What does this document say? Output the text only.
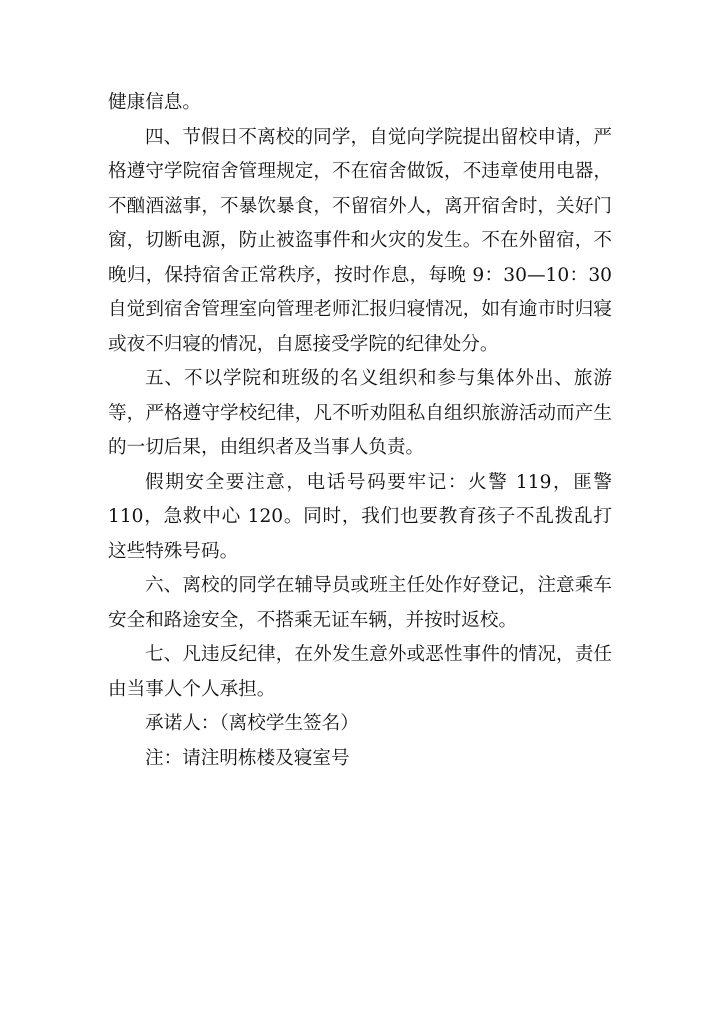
健康信息。

四、节假日不离校的同学，自觉向学院提出留校申请，严格遵守学院宿舍管理规定，不在宿舍做饭，不违章使用电器，不酗酒滋事，不暴饮暴食，不留宿外人，离开宿舍时，关好门窗，切断电源，防止被盗事件和火灾的发生。不在外留宿，不晚归，保持宿舍正常秩序，按时作息，每晚 9：30—10：30 自觉到宿舍管理室向管理老师汇报归寝情况，如有逾市时归寝或夜不归寝的情况，自愿接受学院的纪律处分。

五、不以学院和班级的名义组织和参与集体外出、旅游等，严格遵守学校纪律，凡不听劝阻私自组织旅游活动而产生的一切后果，由组织者及当事人负责。

假期安全要注意，电话号码要牢记：火警 119，匪警 110，急救中心 120。同时，我们也要教育孩子不乱拨乱打这些特殊号码。

六、离校的同学在辅导员或班主任处作好登记，注意乘车安全和路途安全，不搭乘无证车辆，并按时返校。

七、凡违反纪律，在外发生意外或恶性事件的情况，责任由当事人个人承担。

承诺人：（离校学生签名）

注：请注明栋楼及寝室号
